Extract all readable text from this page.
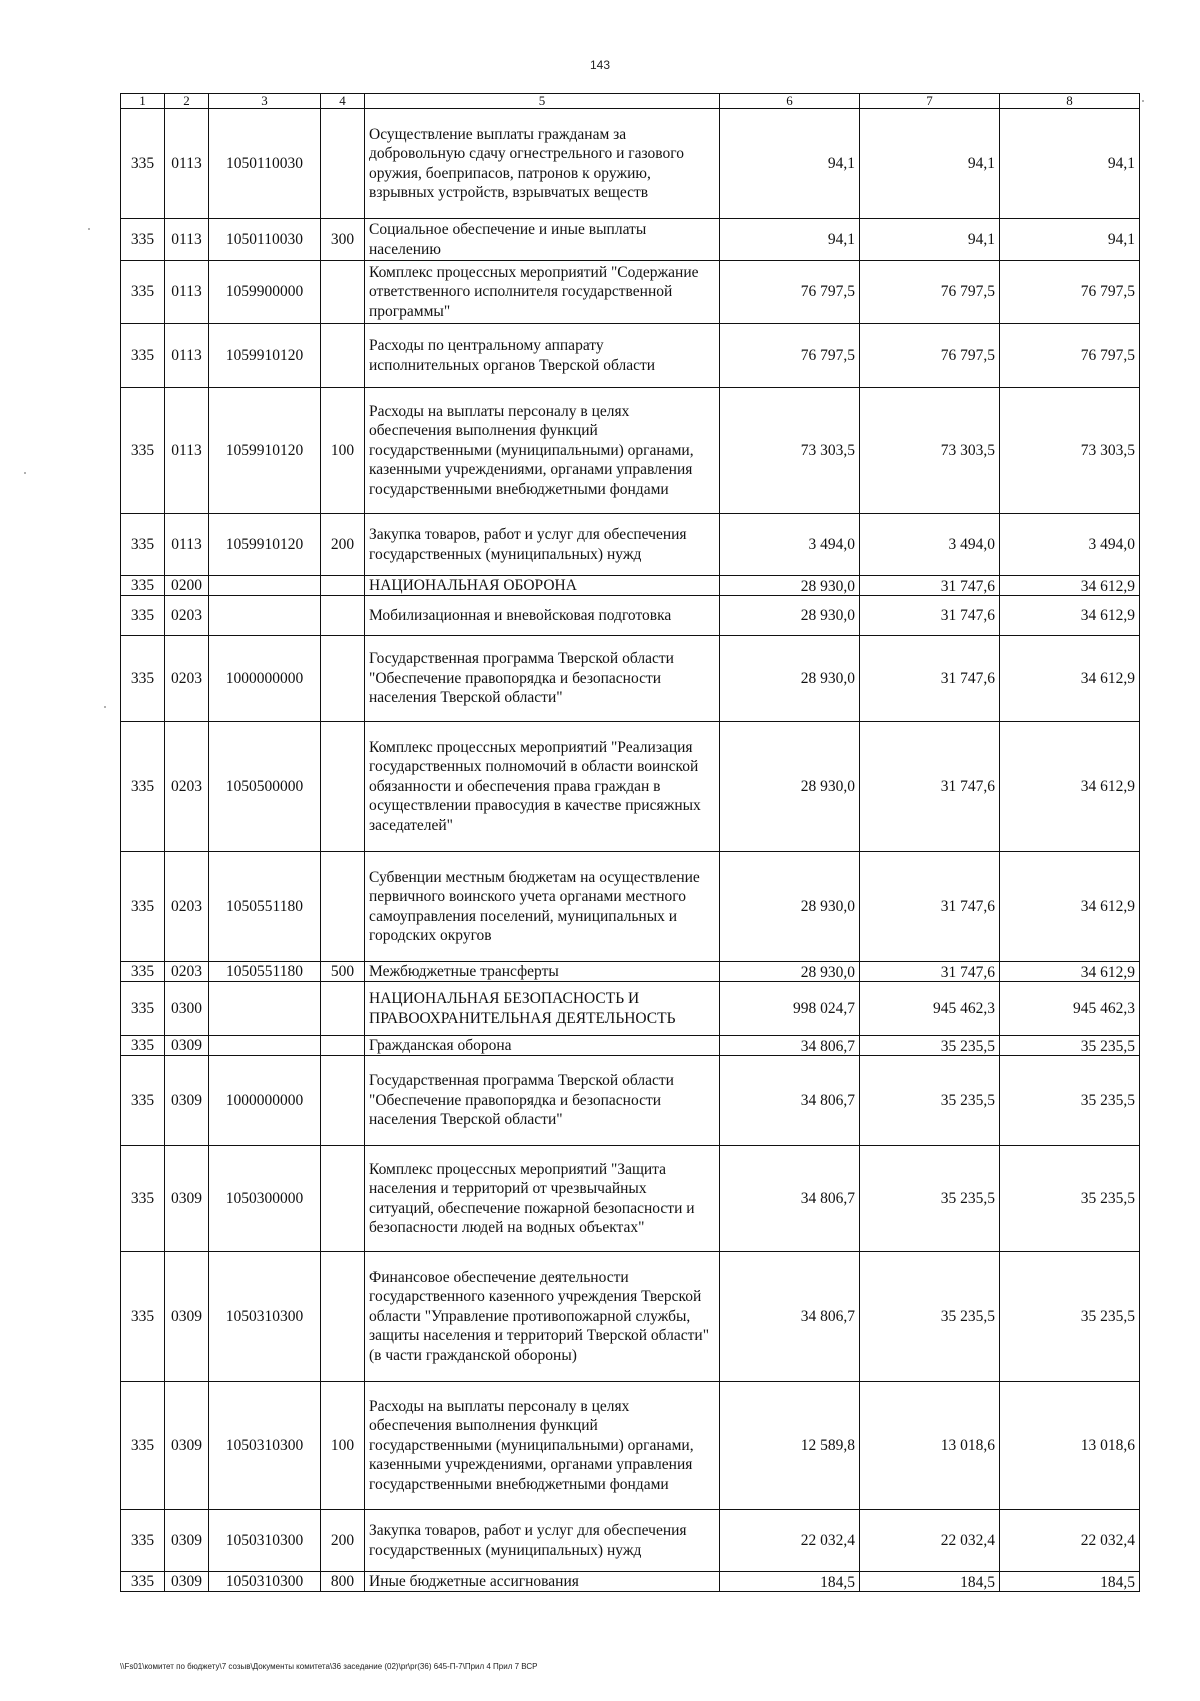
143
1	2	3	4	5	6	7	8
335	0113	1050110030		Осуществление выплаты гражданам за добровольную сдачу огнестрельного и газового оружия, боеприпасов, патронов к оружию, взрывных устройств, взрывчатых веществ	94,1	94,1	94,1
335	0113	1050110030	300	Социальное обеспечение и иные выплаты населению	94,1	94,1	94,1
335	0113	1059900000		Комплекс процессных мероприятий "Содержание ответственного исполнителя государственной программы"	76 797,5	76 797,5	76 797,5
335	0113	1059910120		Расходы по центральному аппарату исполнительных органов Тверской области	76 797,5	76 797,5	76 797,5
335	0113	1059910120	100	Расходы на выплаты персоналу в целях обеспечения выполнения функций государственными (муниципальными) органами, казенными учреждениями, органами управления государственными внебюджетными фондами	73 303,5	73 303,5	73 303,5
335	0113	1059910120	200	Закупка товаров, работ и услуг для обеспечения государственных (муниципальных) нужд	3 494,0	3 494,0	3 494,0
335	0200			НАЦИОНАЛЬНАЯ ОБОРОНА	28 930,0	31 747,6	34 612,9
335	0203			Мобилизационная и вневойсковая подготовка	28 930,0	31 747,6	34 612,9
335	0203	1000000000		Государственная программа Тверской области "Обеспечение правопорядка и безопасности населения Тверской области"	28 930,0	31 747,6	34 612,9
335	0203	1050500000		Комплекс процессных мероприятий "Реализация государственных полномочий в области воинской обязанности и обеспечения права граждан в осуществлении правосудия в качестве присяжных заседателей"	28 930,0	31 747,6	34 612,9
335	0203	1050551180		Субвенции местным бюджетам на осуществление первичного воинского учета органами местного самоуправления поселений, муниципальных и городских округов	28 930,0	31 747,6	34 612,9
335	0203	1050551180	500	Межбюджетные трансферты	28 930,0	31 747,6	34 612,9
335	0300			НАЦИОНАЛЬНАЯ БЕЗОПАСНОСТЬ И ПРАВООХРАНИТЕЛЬНАЯ ДЕЯТЕЛЬНОСТЬ	998 024,7	945 462,3	945 462,3
335	0309			Гражданская оборона	34 806,7	35 235,5	35 235,5
335	0309	1000000000		Государственная программа Тверской области "Обеспечение правопорядка и безопасности населения Тверской области"	34 806,7	35 235,5	35 235,5
335	0309	1050300000		Комплекс процессных мероприятий "Защита населения и территорий от чрезвычайных ситуаций, обеспечение пожарной безопасности и безопасности людей на водных объектах"	34 806,7	35 235,5	35 235,5
335	0309	1050310300		Финансовое обеспечение деятельности государственного казенного учреждения Тверской области "Управление противопожарной службы, защиты населения и территорий Тверской области" (в части гражданской обороны)	34 806,7	35 235,5	35 235,5
335	0309	1050310300	100	Расходы на выплаты персоналу в целях обеспечения выполнения функций государственными (муниципальными) органами, казенными учреждениями, органами управления государственными внебюджетными фондами	12 589,8	13 018,6	13 018,6
335	0309	1050310300	200	Закупка товаров, работ и услуг для обеспечения государственных (муниципальных) нужд	22 032,4	22 032,4	22 032,4
335	0309	1050310300	800	Иные бюджетные ассигнования	184,5	184,5	184,5
\\Fs01\комитет по бюджету\7 созыв\Документы комитета\36 заседание (02)\pr\pr(36) 645-П-7\Прил 4 Прил 7 ВСР
